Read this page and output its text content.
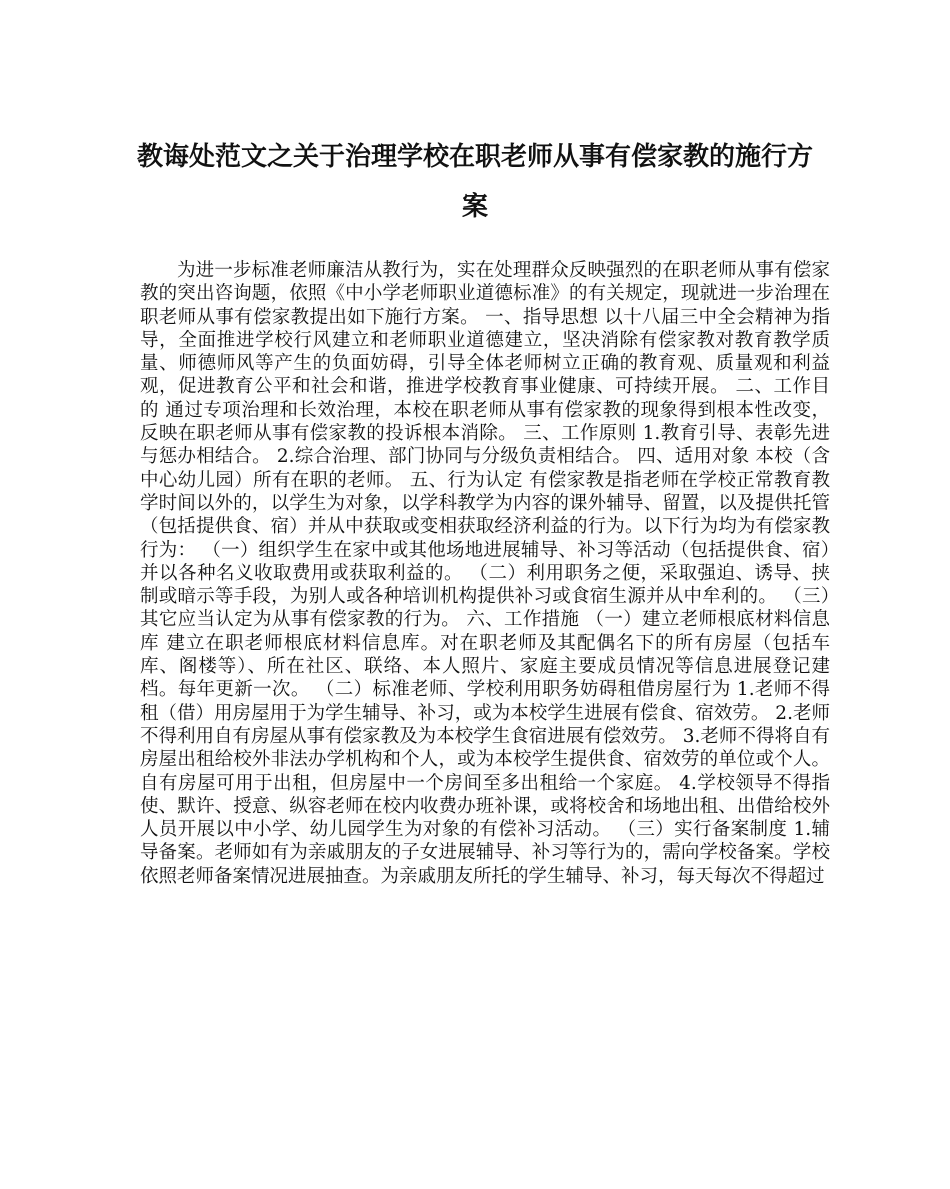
教诲处范文之关于治理学校在职老师从事有偿家教的施行方案

为进一步标准老师廉洁从教行为，实在处理群众反映强烈的在职老师从事有偿家教的突出咨询题，依照《中小学老师职业道德标准》的有关规定，现就进一步治理在职老师从事有偿家教提出如下施行方案。 一、指导思想 以十八届三中全会精神为指导，全面推进学校行风建立和老师职业道德建立，坚决消除有偿家教对教育教学质量、师德师风等产生的负面妨碍，引导全体老师树立正确的教育观、质量观和利益观，促进教育公平和社会和谐，推进学校教育事业健康、可持续开展。 二、工作目的 通过专项治理和长效治理，本校在职老师从事有偿家教的现象得到根本性改变，反映在职老师从事有偿家教的投诉根本消除。 三、工作原则 1.教育引导、表彰先进与惩办相结合。 2.综合治理、部门协同与分级负责相结合。 四、适用对象 本校（含中心幼儿园）所有在职的老师。 五、行为认定 有偿家教是指老师在学校正常教育教学时间以外的，以学生为对象，以学科教学为内容的课外辅导、留置，以及提供托管（包括提供食、宿）并从中获取或变相获取经济利益的行为。以下行为均为有偿家教行为： （一）组织学生在家中或其他场地进展辅导、补习等活动（包括提供食、宿）并以各种名义收取费用或获取利益的。 （二）利用职务之便，采取强迫、诱导、挟制或暗示等手段，为别人或各种培训机构提供补习或食宿生源并从中牟利的。 （三）其它应当认定为从事有偿家教的行为。 六、工作措施 （一）建立老师根底材料信息库 建立在职老师根底材料信息库。对在职老师及其配偶名下的所有房屋（包括车库、阁楼等）、所在社区、联络、本人照片、家庭主要成员情况等信息进展登记建档。每年更新一次。 （二）标准老师、学校利用职务妨碍租借房屋行为 1.老师不得租（借）用房屋用于为学生辅导、补习，或为本校学生进展有偿食、宿效劳。 2.老师不得利用自有房屋从事有偿家教及为本校学生食宿进展有偿效劳。 3.老师不得将自有房屋出租给校外非法办学机构和个人，或为本校学生提供食、宿效劳的单位或个人。自有房屋可用于出租，但房屋中一个房间至多出租给一个家庭。 4.学校领导不得指使、默许、授意、纵容老师在校内收费办班补课，或将校舍和场地出租、出借给校外人员开展以中小学、幼儿园学生为对象的有偿补习活动。 （三）实行备案制度 1.辅导备案。老师如有为亲戚朋友的子女进展辅导、补习等行为的，需向学校备案。学校依照老师备案情况进展抽查。为亲戚朋友所托的学生辅导、补习，每天每次不得超过
